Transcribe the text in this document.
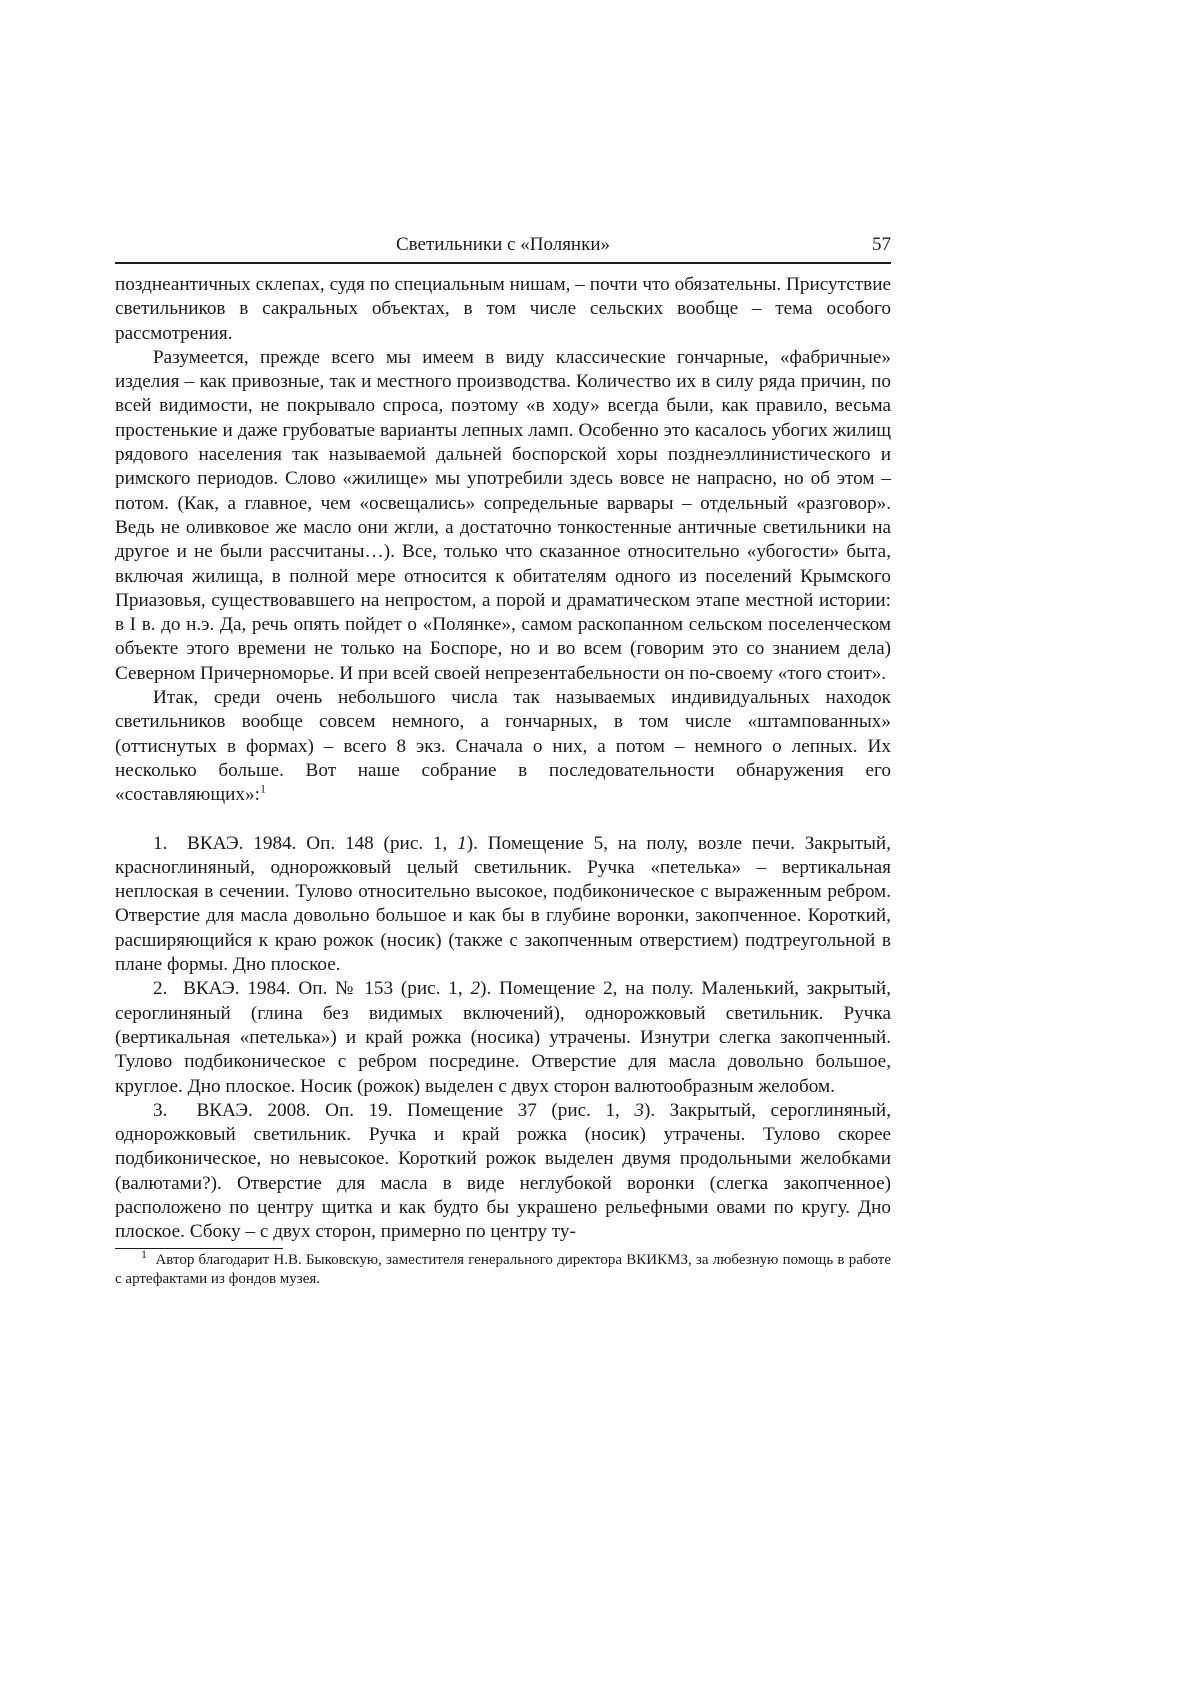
Светильники с «Полянки»	57

позднеантичных склепах, судя по специальным нишам, – почти что обязательны. Присутствие светильников в сакральных объектах, в том числе сельских вообще – тема особого рассмотрения.

Разумеется, прежде всего мы имеем в виду классические гончарные, «фабричные» изделия – как привозные, так и местного производства. Количество их в силу ряда причин, по всей видимости, не покрывало спроса, поэтому «в ходу» всегда были, как правило, весьма простенькие и даже грубоватые варианты лепных ламп. Особенно это касалось убогих жилищ рядового населения так называемой дальней боспорской хоры позднеэллинистического и римского периодов. Слово «жилище» мы употребили здесь вовсе не напрасно, но об этом – потом. (Как, а главное, чем «освещались» сопредельные варвары – отдельный «разговор». Ведь не оливковое же масло они жгли, а достаточно тонкостенные античные светильники на другое и не были рассчитаны…). Все, только что сказанное относительно «убогости» быта, включая жилища, в полной мере относится к обитателям одного из поселений Крымского Приазовья, существовавшего на непростом, а порой и драматическом этапе местной истории: в I в. до н.э. Да, речь опять пойдет о «Полянке», самом раскопанном сельском поселенческом объекте этого времени не только на Боспоре, но и во всем (говорим это со знанием дела) Северном Причерноморье. И при всей своей непрезентабельности он по-своему «того стоит».

Итак, среди очень небольшого числа так называемых индивидуальных находок светильников вообще совсем немного, а гончарных, в том числе «штампованных» (оттиснутых в формах) – всего 8 экз. Сначала о них, а потом – немного о лепных. Их несколько больше. Вот наше собрание в последовательности обнаружения его «составляющих»:$^1$

1. ВКАЭ. 1984. Оп. 148 (рис. 1, 1). Помещение 5, на полу, возле печи. Закрытый, красноглиняный, однорожковый целый светильник. Ручка «петелька» – вертикальная неплоская в сечении. Тулово относительно высокое, подбиконическое с выраженным ребром. Отверстие для масла довольно большое и как бы в глубине воронки, закопченное. Короткий, расширяющийся к краю рожок (носик) (также с закопченным отверстием) подтреугольной в плане формы. Дно плоское.

2. ВКАЭ. 1984. Оп. № 153 (рис. 1, 2). Помещение 2, на полу. Маленький, закрытый, сероглиняный (глина без видимых включений), однорожковый светильник. Ручка (вертикальная «петелька») и край рожка (носика) утрачены. Изнутри слегка закопченный. Тулово подбиконическое с ребром посредине. Отверстие для масла довольно большое, круглое. Дно плоское. Носик (рожок) выделен с двух сторон валютообразным желобом.

3. ВКАЭ. 2008. Оп. 19. Помещение 37 (рис. 1, 3). Закрытый, сероглиняный, однорожковый светильник. Ручка и край рожка (носик) утрачены. Тулово скорее подбиконическое, но невысокое. Короткий рожок выделен двумя продольными желобками (валютами?). Отверстие для масла в виде неглубокой воронки (слегка закопченное) расположено по центру щитка и как будто бы украшено рельефными овами по кругу. Дно плоское. Сбоку – с двух сторон, примерно по центру ту-

$^1$ Автор благодарит Н.В. Быковскую, заместителя генерального директора ВКИКМЗ, за любезную помощь в работе с артефактами из фондов музея.
